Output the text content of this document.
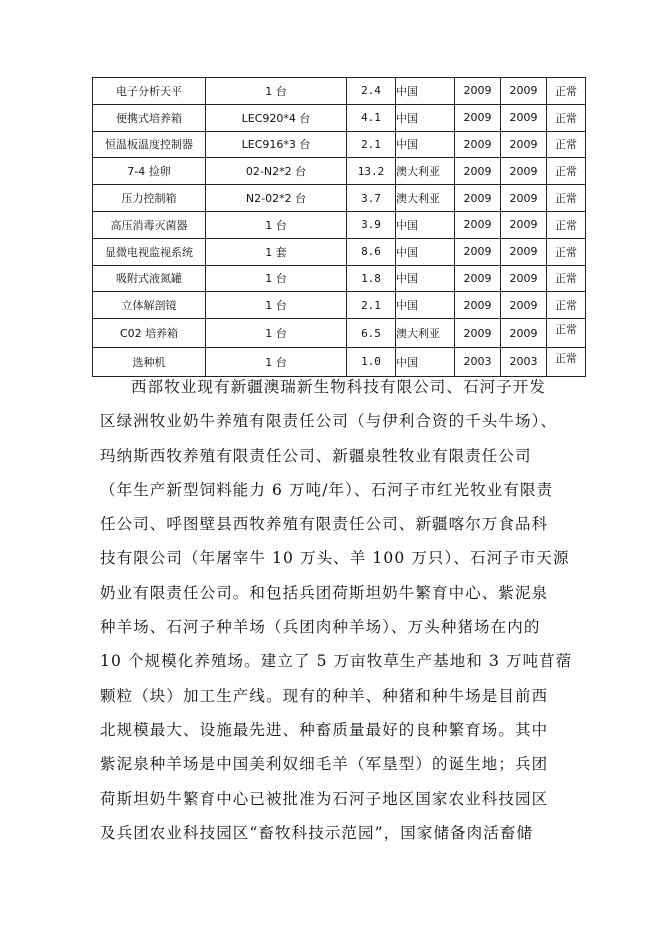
电子分析天平	1 台	2.4	中国	2009	2009	正常
便携式培养箱	LEC920*4 台	4.1	中国	2009	2009	正常
恒温板温度控制器	LEC916*3 台	2.1	中国	2009	2009	正常
7-4 捡卵	02-N2*2 台	13.2	澳大利亚	2009	2009	正常
压力控制箱	N2-02*2 台	3.7	澳大利亚	2009	2009	正常
高压消毒灭菌器	1 台	3.9	中国	2009	2009	正常
显微电视监视系统	1 套	8.6	中国	2009	2009	正常
吸附式液氮罐	1 台	1.8	中国	2009	2009	正常
立体解剖镜	1 台	2.1	中国	2009	2009	正常
C02 培养箱	1 台	6.5	澳大利亚	2009	2009	正常
选种机	1 台	1.0	中国	2003	2003	正常
西部牧业现有新疆澳瑞新生物科技有限公司、石河子开发
区绿洲牧业奶牛养殖有限责任公司（与伊利合资的千头牛场）、
玛纳斯西牧养殖有限责任公司、新疆泉牲牧业有限责任公司
（年生产新型饲料能力 6 万吨/年）、石河子市红光牧业有限责
任公司、呼图壁县西牧养殖有限责任公司、新疆喀尔万食品科
技有限公司（年屠宰牛 10 万头、羊 100 万只）、石河子市天源
奶业有限责任公司。和包括兵团荷斯坦奶牛繁育中心、紫泥泉
种羊场、石河子种羊场（兵团肉种羊场）、万头种猪场在内的
10 个规模化养殖场。建立了 5 万亩牧草生产基地和 3 万吨苜蓿
颗粒（块）加工生产线。现有的种羊、种猪和种牛场是目前西
北规模最大、设施最先进、种畜质量最好的良种繁育场。其中
紫泥泉种羊场是中国美利奴细毛羊（军垦型）的诞生地；兵团
荷斯坦奶牛繁育中心已被批准为石河子地区国家农业科技园区
及兵团农业科技园区“畜牧科技示范园”，国家储备肉活畜储
